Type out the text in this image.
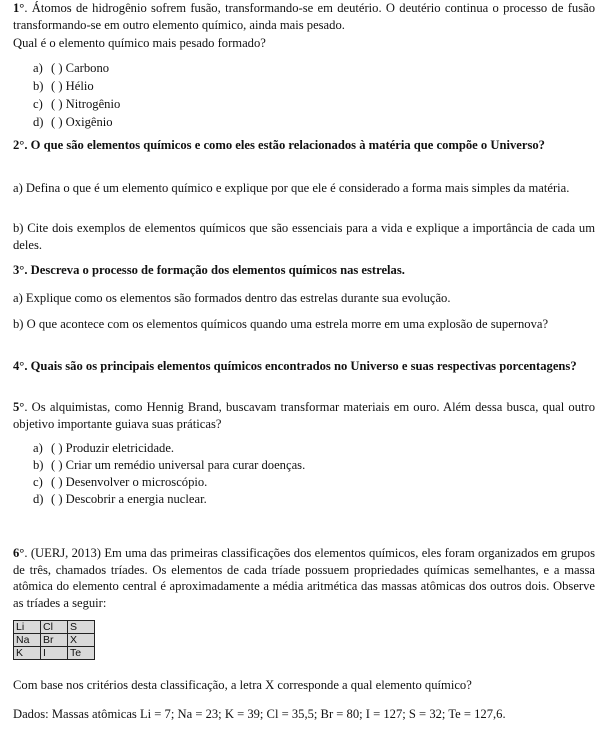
1°. Átomos de hidrogênio sofrem fusão, transformando-se em deutério. O deutério continua o processo de fusão transformando-se em outro elemento químico, ainda mais pesado.
Qual é o elemento químico mais pesado formado?
a) ( ) Carbono
b) ( ) Hélio
c) ( ) Nitrogênio
d) ( ) Oxigênio
2°. O que são elementos químicos e como eles estão relacionados à matéria que compõe o Universo?
a) Defina o que é um elemento químico e explique por que ele é considerado a forma mais simples da matéria.
b) Cite dois exemplos de elementos químicos que são essenciais para a vida e explique a importância de cada um deles.
3°. Descreva o processo de formação dos elementos químicos nas estrelas.
a) Explique como os elementos são formados dentro das estrelas durante sua evolução.
b) O que acontece com os elementos químicos quando uma estrela morre em uma explosão de supernova?
4°. Quais são os principais elementos químicos encontrados no Universo e suas respectivas porcentagens?
5°. Os alquimistas, como Hennig Brand, buscavam transformar materiais em ouro. Além dessa busca, qual outro objetivo importante guiava suas práticas?
a) ( ) Produzir eletricidade.
b) ( ) Criar um remédio universal para curar doenças.
c) ( ) Desenvolver o microscópio.
d) ( ) Descobrir a energia nuclear.
6°. (UERJ, 2013) Em uma das primeiras classificações dos elementos químicos, eles foram organizados em grupos de três, chamados tríades. Os elementos de cada tríade possuem propriedades químicas semelhantes, e a massa atômica do elemento central é aproximadamente a média aritmética das massas atômicas dos outros dois. Observe as tríades a seguir:
Li	Cl	S
Na	Br	X
K	I	Te
Com base nos critérios desta classificação, a letra X corresponde a qual elemento químico?
Dados: Massas atômicas Li = 7; Na = 23; K = 39; Cl = 35,5; Br = 80; I = 127; S = 32; Te = 127,6.
